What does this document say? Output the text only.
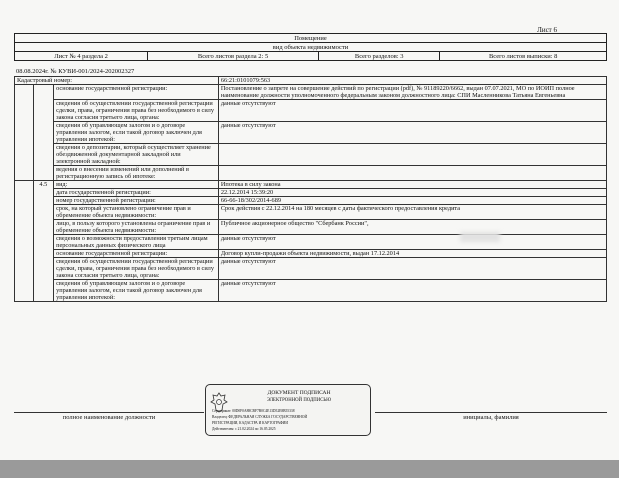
Лист 6
Помещение
вид объекта недвижимости
Лист № 4 раздела 2	Всего листов раздела 2: 5	Всего разделов: 3	Всего листов выписки: 8
08.08.2024г. № КУВИ-001/2024-202002327
Кадастровый номер:			66:21:0101079:563
		основание государственной регистрации:	Постановление о запрете на совершение действий по регистрации (pdf), № 91189220/6662, выдан 07.07.2021, МО по ИОИП полное наименование должности уполномоченного федеральным законом должностного лица: СПИ Масленникова Татьяна Евгеньевна
		сведения об осуществлении государственной регистрации сделки, права, ограничения права без необходимого в силу закона согласия третьего лица, органа:	данные отсутствуют
		сведения об управляющем залогом и о договоре управления залогом, если такой договор заключен для управления ипотекой:	данные отсутствуют
		сведения о депозитарии, который осуществляет хранение обездвиженной документарной закладной или электронной закладной:	
		ведения о внесении изменений или дополнений в регистрационную запись об ипотеке:	
	4.5	вид:	Ипотека в силу закона
		дата государственной регистрации:	22.12.2014 15:39:20
		номер государственной регистрации:	66-66-18/302/2014-689
		срок, на который установлено ограничение прав и обременение объекта недвижимости:	Срок действия с 22.12.2014 на 180 месяцев с даты фактического предоставления кредита
		лицо, в пользу которого установлены ограничение прав и обременение объекта недвижимости:	Публичное акционерное общество "Сбербанк России",
		сведения о возможности предоставления третьим лицам персональных данных физического лица	данные отсутствуют
		основание государственной регистрации:	Договор купли-продажи объекта недвижимости, выдан 17.12.2014
		сведения об осуществлении государственной регистрации сделки, права, ограничения права без необходимого в силу закона согласия третьего лица, органа:	данные отсутствуют
		сведения об управляющем залогом и о договоре управления залогом, если такой договор заключен для управления ипотекой:	данные отсутствуют
ДОКУМЕНТ ПОДПИСАН
ЭЛЕКТРОННОЙ ПОДПИСЬЮ
Сертификат: 00D0F0A88CBF7B0C4E13D52E8B55338
Владелец: ФЕДЕРАЛЬНАЯ СЛУЖБА ГОСУДАРСТВЕННОЙ
РЕГИСТРАЦИИ, КАДАСТРА И КАРТОГРАФИИ
Действителен: с 21.02.2024 по 16.05.2025
полное наименование должности	инициалы, фамилия
